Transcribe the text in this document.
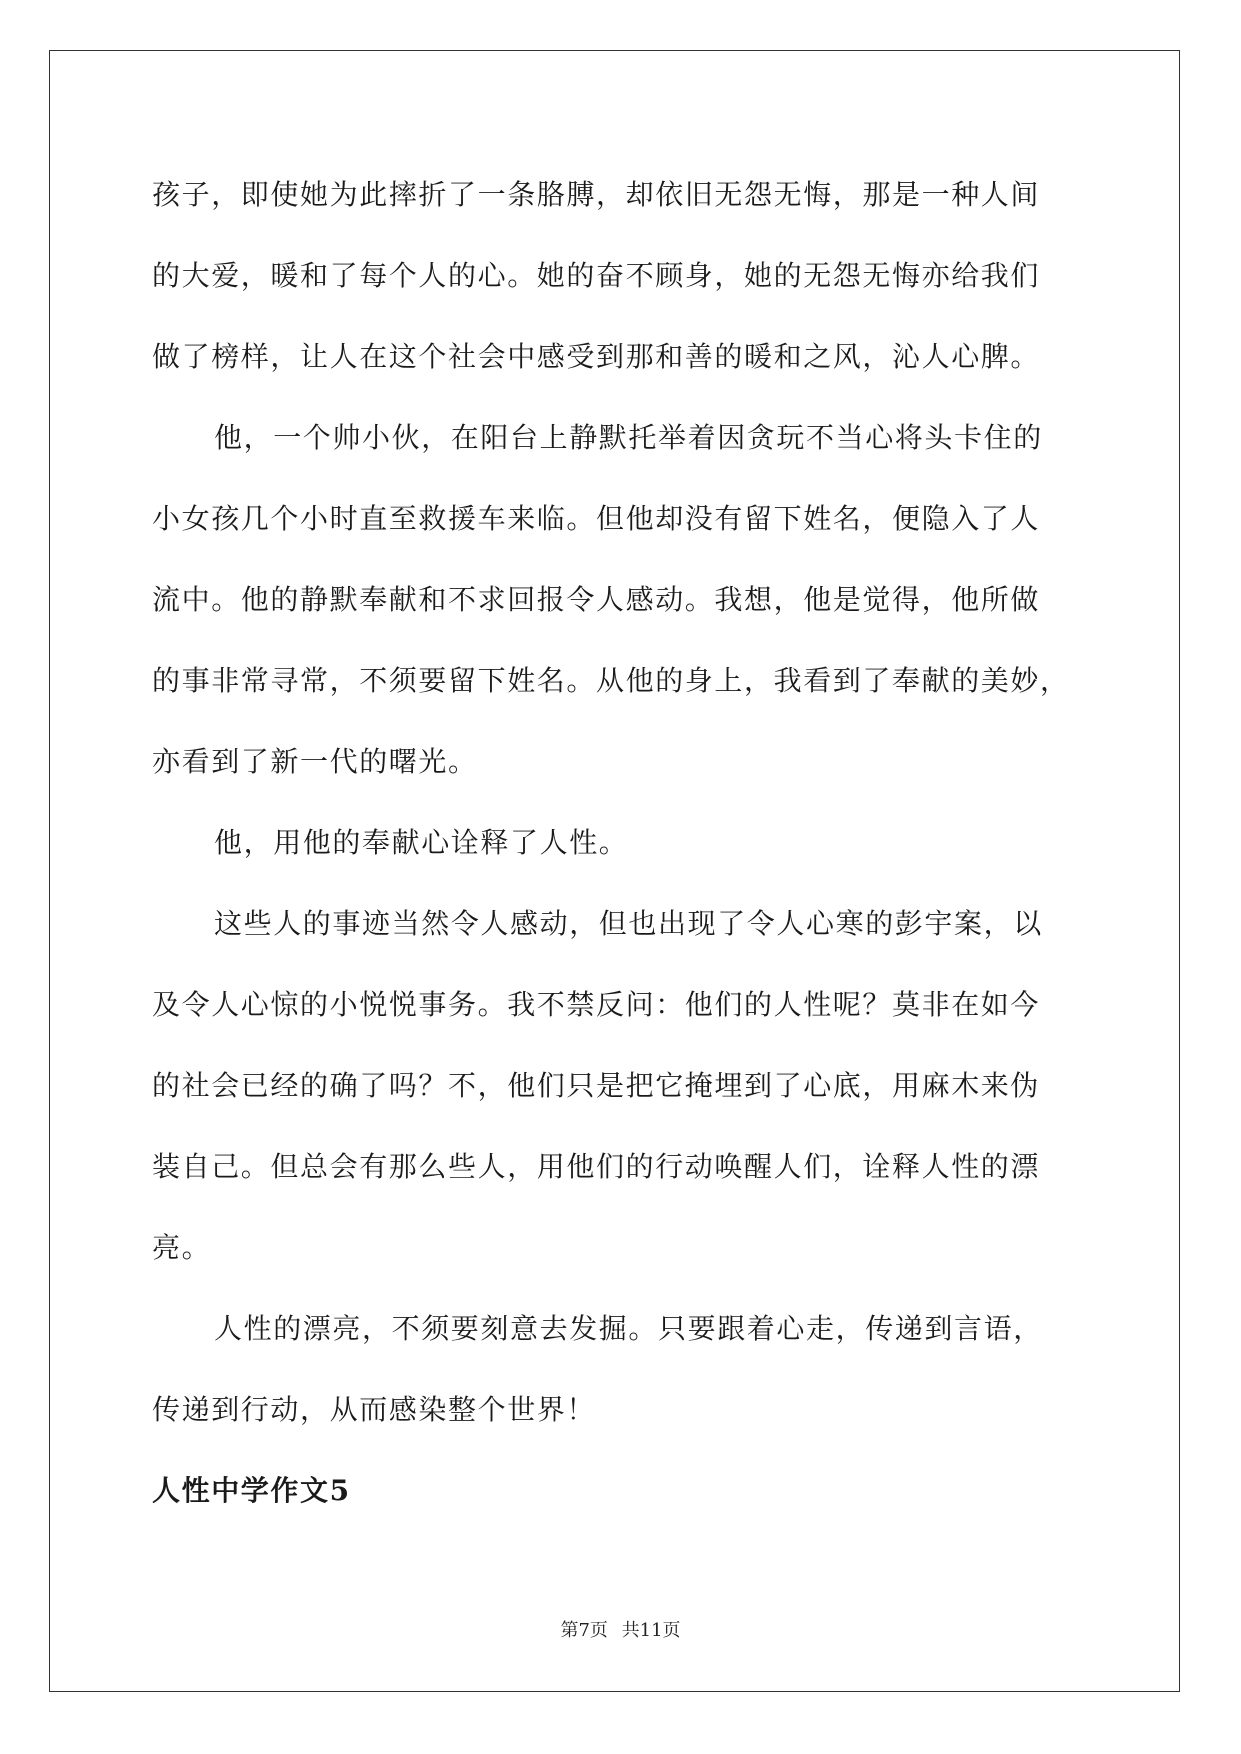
孩子，即使她为此摔折了一条胳膊，却依旧无怨无悔，那是一种人间
的大爱，暖和了每个人的心。她的奋不顾身，她的无怨无悔亦给我们
做了榜样，让人在这个社会中感受到那和善的暖和之风，沁人心脾。

他，一个帅小伙，在阳台上静默托举着因贪玩不当心将头卡住的
小女孩几个小时直至救援车来临。但他却没有留下姓名，便隐入了人
流中。他的静默奉献和不求回报令人感动。我想，他是觉得，他所做
的事非常寻常，不须要留下姓名。从他的身上，我看到了奉献的美妙，
亦看到了新一代的曙光。

他，用他的奉献心诠释了人性。

这些人的事迹当然令人感动，但也出现了令人心寒的彭宇案，以
及令人心惊的小悦悦事务。我不禁反问：他们的人性呢？莫非在如今
的社会已经的确了吗？不，他们只是把它掩埋到了心底，用麻木来伪
装自己。但总会有那么些人，用他们的行动唤醒人们，诠释人性的漂
亮。

人性的漂亮，不须要刻意去发掘。只要跟着心走，传递到言语，
传递到行动，从而感染整个世界！

人性中学作文5
第7页 共11页
